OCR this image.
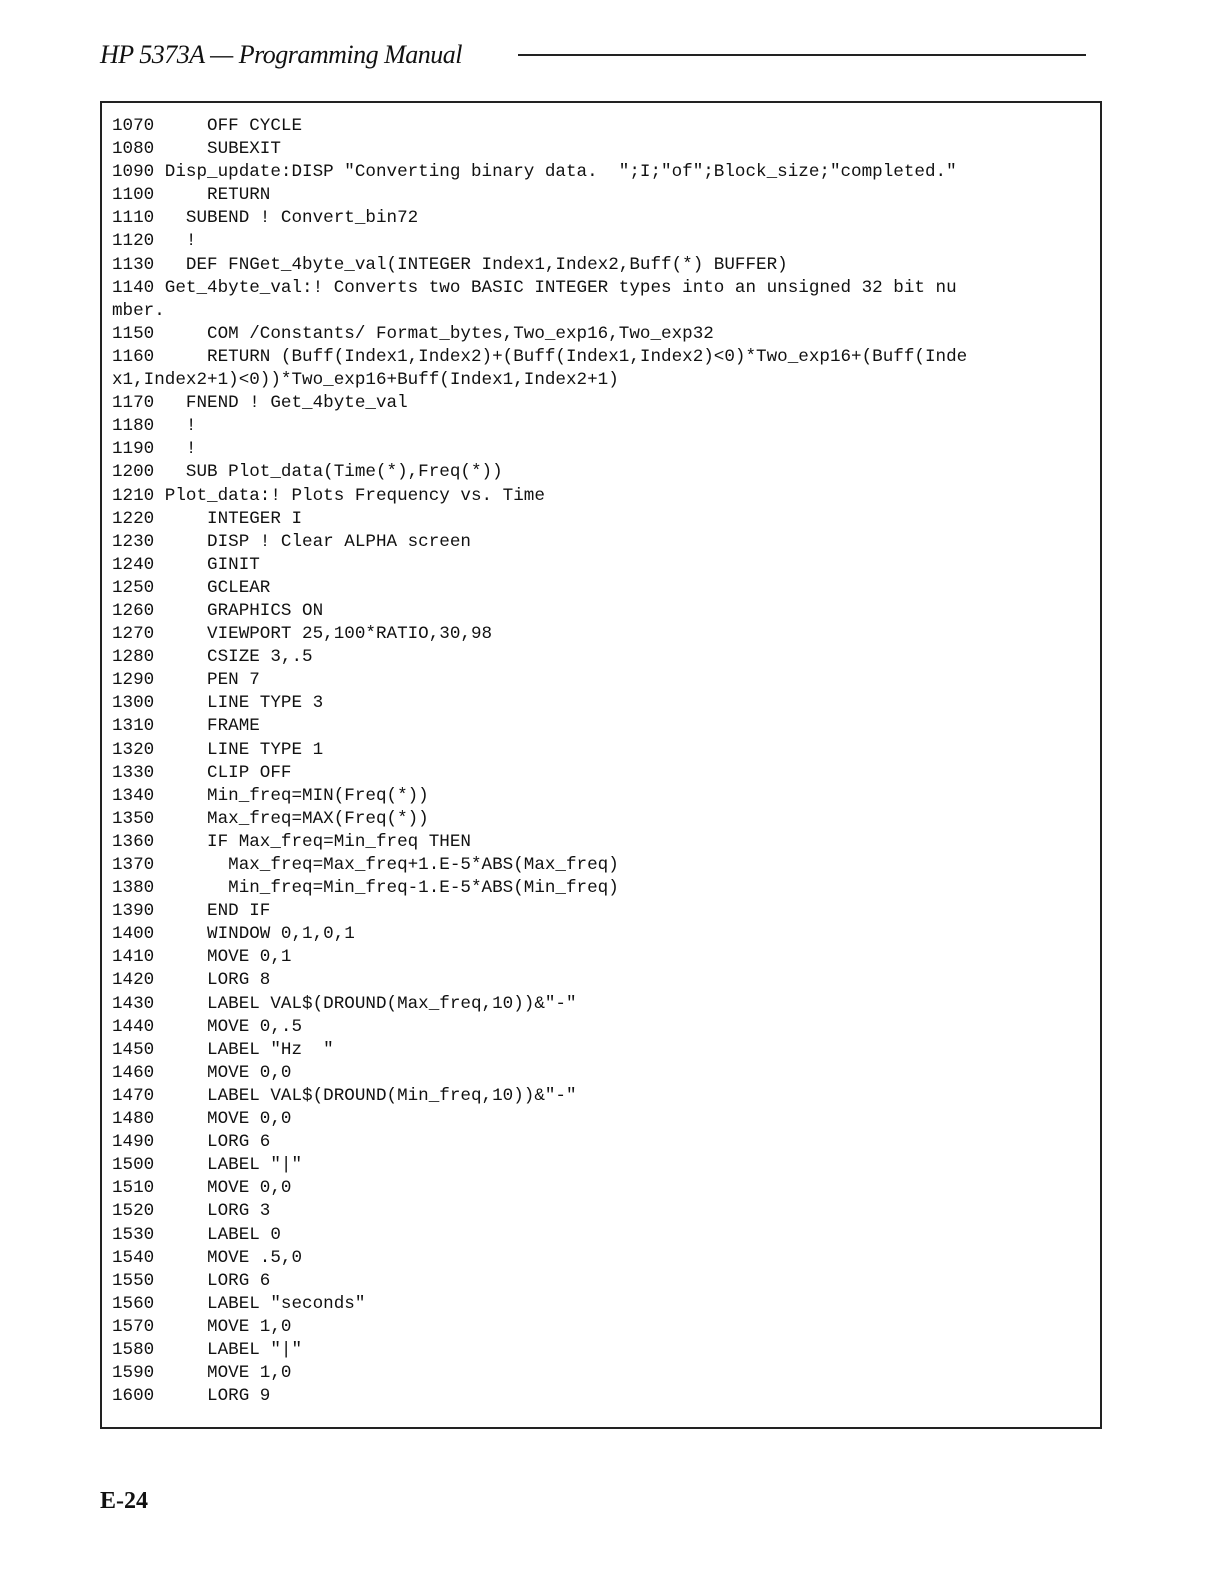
HP 5373A — Programming Manual
1070     OFF CYCLE
1080     SUBEXIT
1090 Disp_update:DISP "Converting binary data.  ";I;"of";Block_size;"completed."
1100     RETURN
1110   SUBEND ! Convert_bin72
1120   !
1130   DEF FNGet_4byte_val(INTEGER Index1,Index2,Buff(*) BUFFER)
1140 Get_4byte_val:! Converts two BASIC INTEGER types into an unsigned 32 bit nu
mber.
1150     COM /Constants/ Format_bytes,Two_exp16,Two_exp32
1160     RETURN (Buff(Index1,Index2)+(Buff(Index1,Index2)<0)*Two_exp16+(Buff(Inde
x1,Index2+1)<0))*Two_exp16+Buff(Index1,Index2+1)
1170   FNEND ! Get_4byte_val
1180   !
1190   !
1200   SUB Plot_data(Time(*),Freq(*))
1210 Plot_data:! Plots Frequency vs. Time
1220     INTEGER I
1230     DISP ! Clear ALPHA screen
1240     GINIT
1250     GCLEAR
1260     GRAPHICS ON
1270     VIEWPORT 25,100*RATIO,30,98
1280     CSIZE 3,.5
1290     PEN 7
1300     LINE TYPE 3
1310     FRAME
1320     LINE TYPE 1
1330     CLIP OFF
1340     Min_freq=MIN(Freq(*))
1350     Max_freq=MAX(Freq(*))
1360     IF Max_freq=Min_freq THEN
1370       Max_freq=Max_freq+1.E-5*ABS(Max_freq)
1380       Min_freq=Min_freq-1.E-5*ABS(Min_freq)
1390     END IF
1400     WINDOW 0,1,0,1
1410     MOVE 0,1
1420     LORG 8
1430     LABEL VAL$(DROUND(Max_freq,10))&"-"
1440     MOVE 0,.5
1450     LABEL "Hz  "
1460     MOVE 0,0
1470     LABEL VAL$(DROUND(Min_freq,10))&"-"
1480     MOVE 0,0
1490     LORG 6
1500     LABEL "|"
1510     MOVE 0,0
1520     LORG 3
1530     LABEL 0
1540     MOVE .5,0
1550     LORG 6
1560     LABEL "seconds"
1570     MOVE 1,0
1580     LABEL "|"
1590     MOVE 1,0
1600     LORG 9
E-24
